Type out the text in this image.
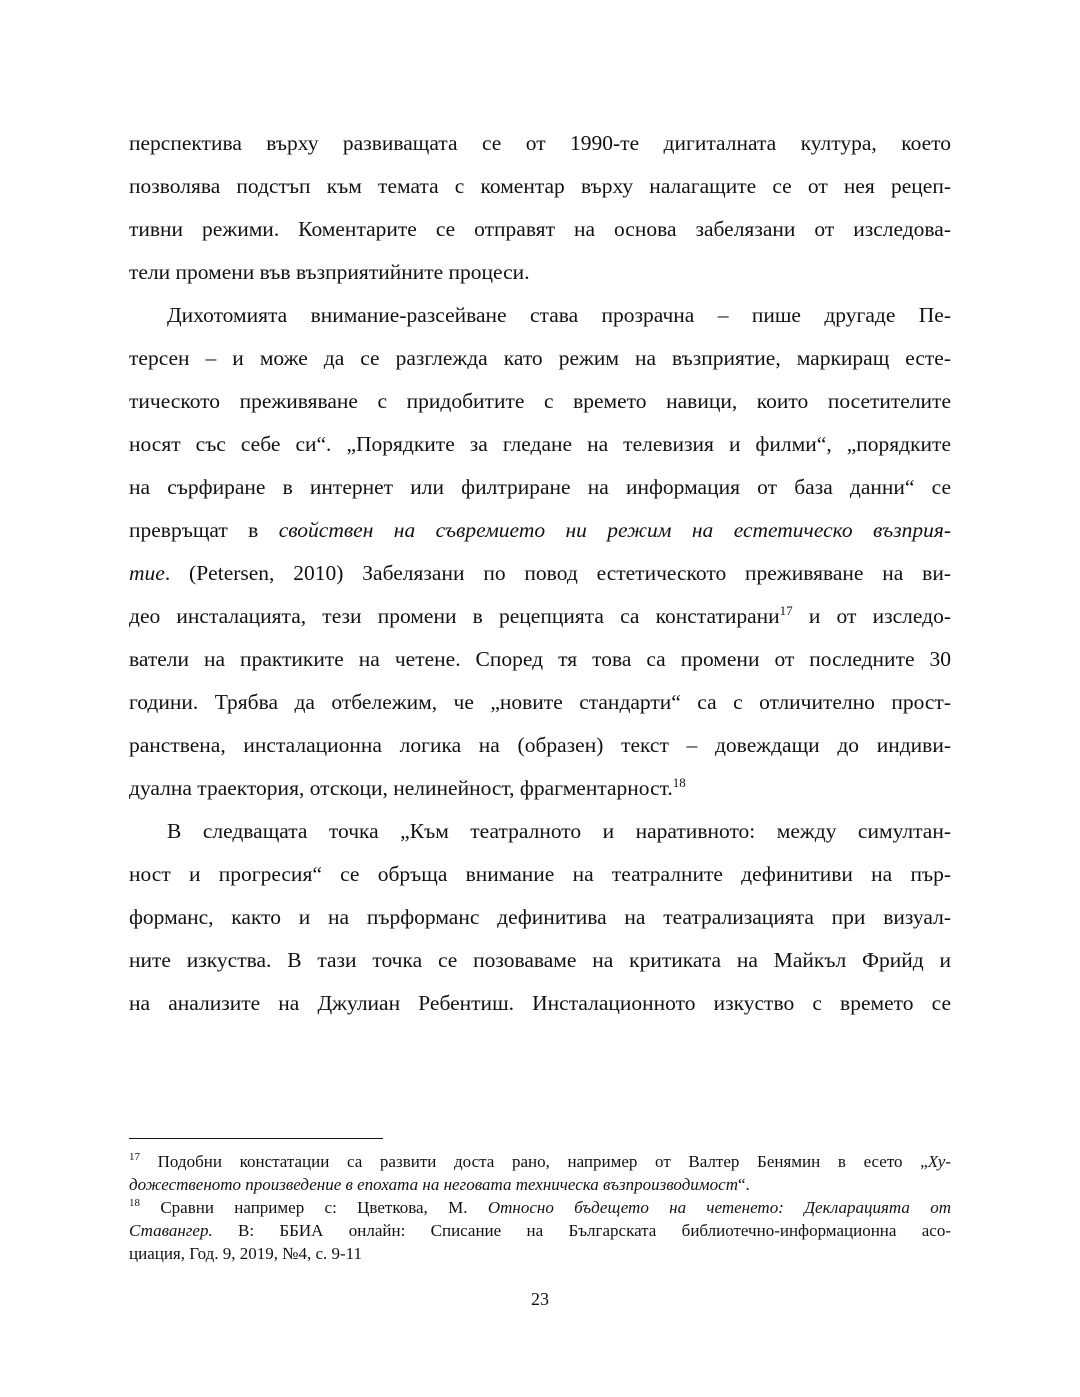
перспектива върху развиващата се от 1990-те дигиталната култура, което
позволява подстъп към темата с коментар върху налагащите се от нея рецеп-
тивни режими. Коментарите се отправят на основа забелязани от изследова-
тели промени във възприятийните процеси.
Дихотомията внимание-разсейване става прозрачна – пише другаде Пе-
терсен – и може да се разглежда като режим на възприятие, маркиращ есте-
тическото преживяване с придобитите с времето навици, които посетителите
носят със себе си“. „Порядките за гледане на телевизия и филми“, „порядките
на сърфиране в интернет или филтриране на информация от база данни“ се
превръщат в свойствен на съвремието ни режим на естетическо възприя-
тие. (Petersen, 2010) Забелязани по повод естетическото преживяване на ви-
део инсталацията, тези промени в рецепцията са констатирани$^{17}$ и от изследо-
ватели на практиките на четене. Според тя това са промени от последните 30
години. Трябва да отбележим, че „новите стандарти“ са с отличително прост-
ранствена, инсталационна логика на (образен) текст – довеждащи до индиви-
дуална траектория, отскоци, нелинейност, фрагментарност.$^{18}$
В следващата точка „Към театралното и наративното: между симултан-
ност и прогресия“ се обръща внимание на театралните дефинитиви на пър-
форманс, както и на пърформанс дефинитива на театрализацията при визуал-
ните изкуства. В тази точка се позоваваме на критиката на Майкъл Фрийд и
на анализите на Джулиан Ребентиш. Инсталационното изкуство с времето се
$^{17}$ Подобни констатации са развити доста рано, например от Валтер Бенямин в есето „Ху-
дожественото произведение в епохата на неговата техническа възпроизводимост“.
$^{18}$ Сравни например с: Цветкова, М. Относно бъдещето на четенето: Декларацията от
Ставангер. В: ББИА онлайн: Списание на Българската библиотечно-информационна асо-
циация, Год. 9, 2019, №4, с. 9-11
23
